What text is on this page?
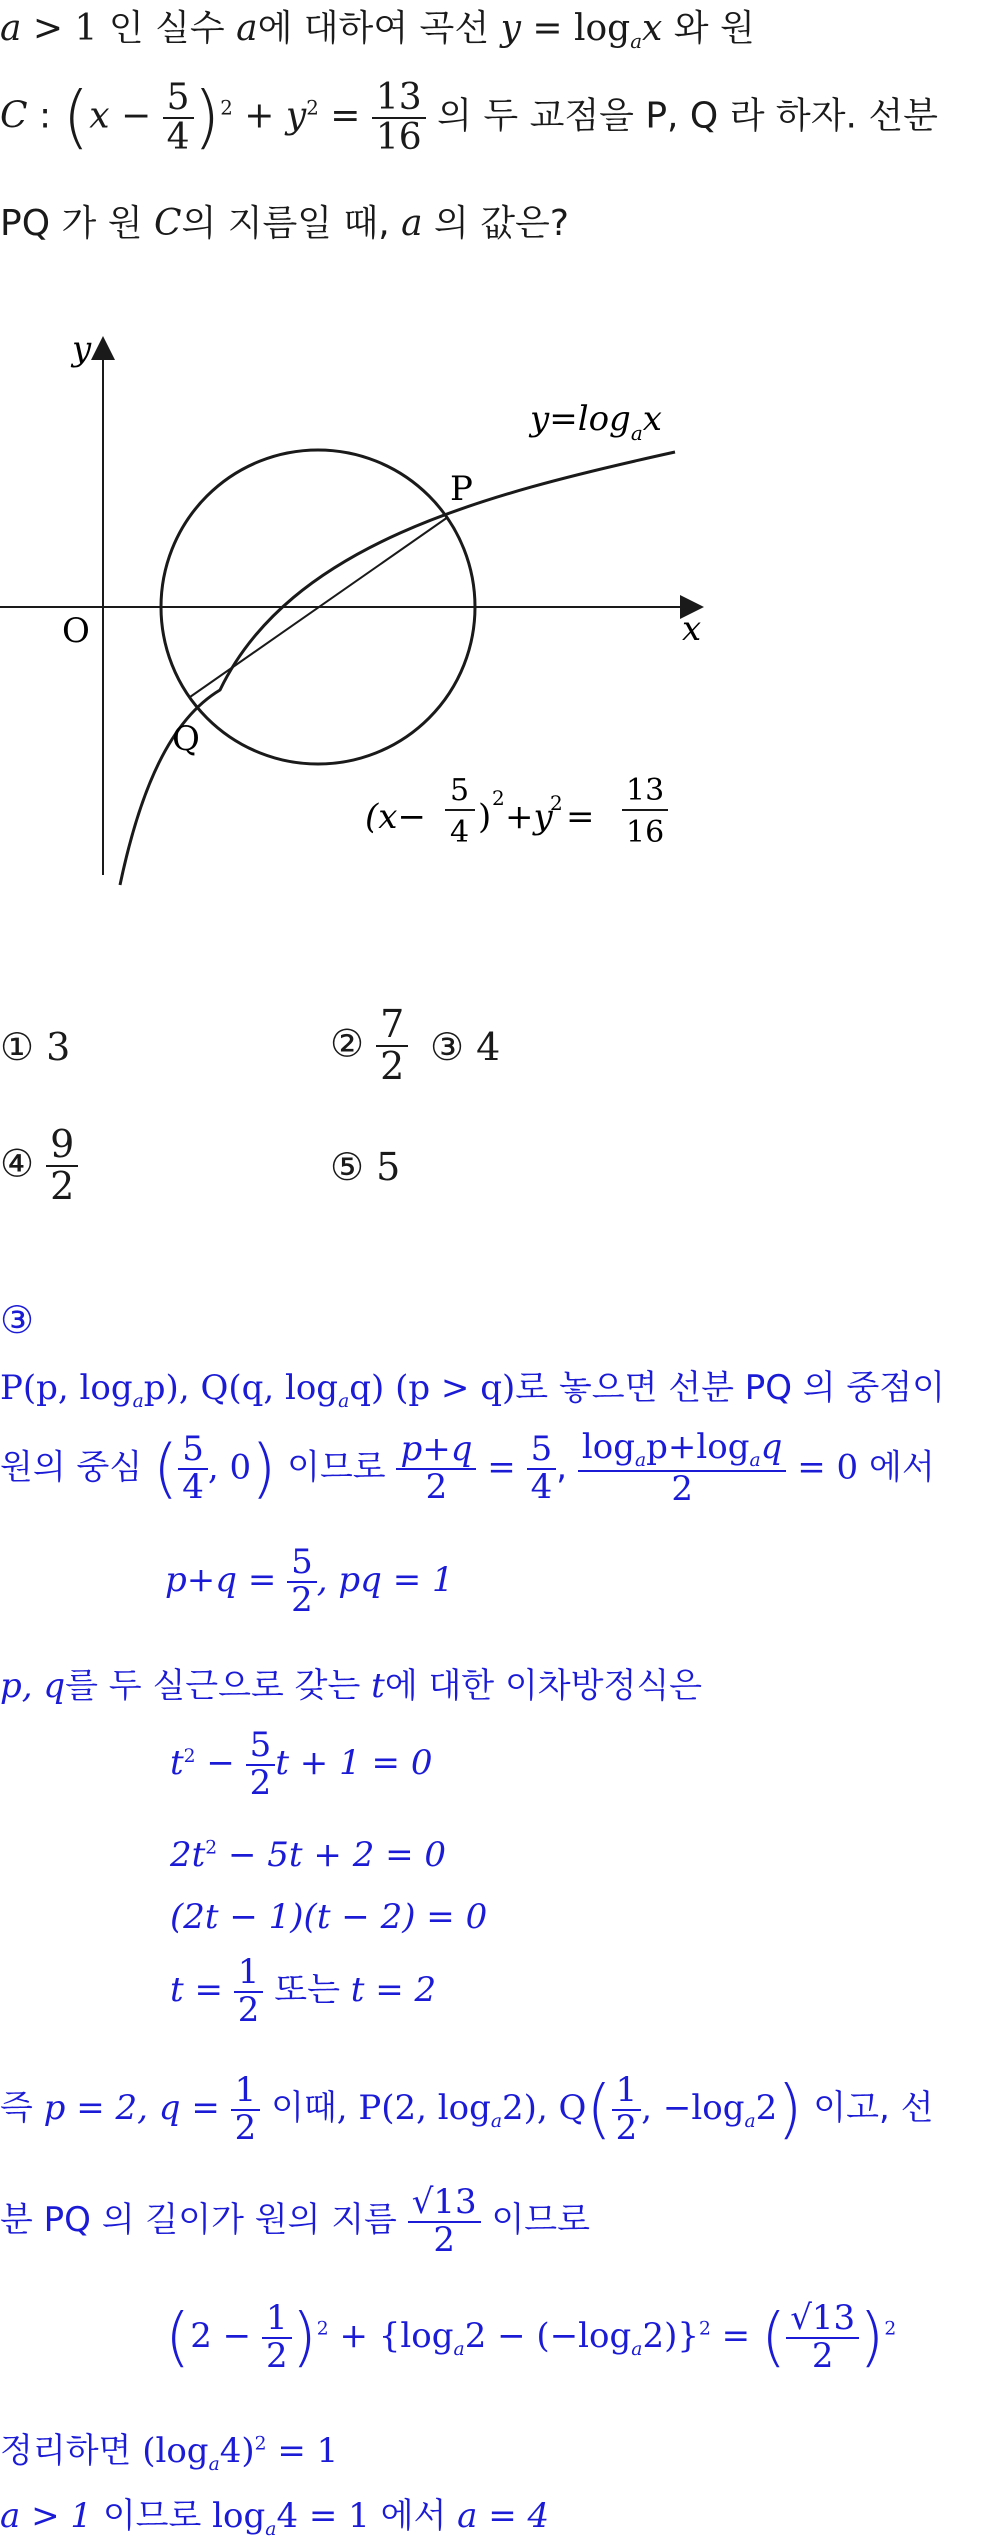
a > 1 인 실수 a에 대하여 곡선 $y = \log_ax$ 와 원
C : $(x - \frac{5}{4} )^2 + y^2 = \frac{13}{16}$ 의 두 교점을 P, Q 라 하자. 선분
PQ 가 원 C의 지름일 때, a 의 값은?
y
x
O
P
Q
$y=\log_ax$
(x−
5
4 ) 2 +y
2 =
13
16
① 3	② $\frac{7}{2}$ ③ 4
④ $\frac{9}{2}$	⑤ 5
③
P(p, $\log_ap$), Q(q, $\log_aq$) (p > q)로 놓으면 선분 PQ 의 중점이
원의 중심 ( $\frac{5}{4}$ , 0) 이므로 $\frac{p+q}{2} = \frac{5}{4}$ , $\frac{\log_ap+\log_aq}{2} = 0$ 에서
$p+q = \frac{5}{2}$ , pq = 1
p, q를 두 실근으로 갖는 t에 대한 이차방정식은
$t^2 - \frac{5}{2}$ t + 1 = 0
$2t^2 - 5t + 2 = 0$
(2t − 1)(t − 2) = 0
$t = \frac{1}{2}$ 또는 t = 2
즉 p = 2, $q = \frac{1}{2}$ 이때, P(2, $\log_a2$), $Q( \frac{1}{2}$ , $-\log_a2$) 이고, 선
분 PQ 의 길이가 원의 지름 $\frac{√13}{2}$ 이므로
$(2 - \frac{1}{2} )^2 + \{\log_a2 - (-\log_a2)\}^2$ = ( $\frac{√13}{2} )^2$
정리하면 $(\log_a4)^2 = 1$
a > 1 이므로 $\log_a4 = 1$ 에서 a = 4
